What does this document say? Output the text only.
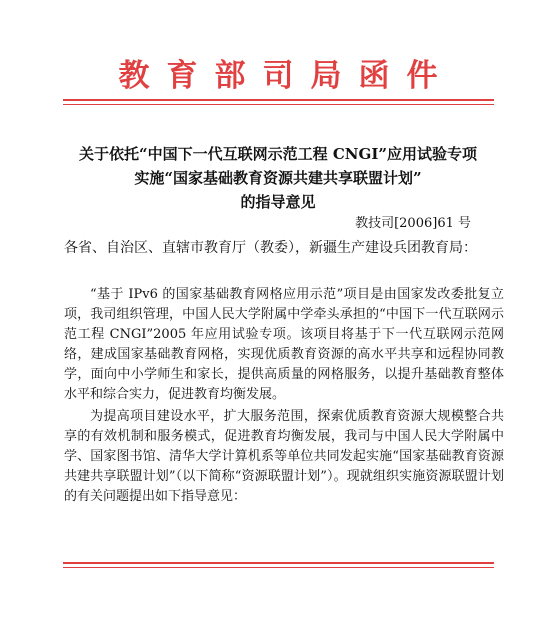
教育部司局函件
关于依托“中国下一代互联网示范工程 CNGI”应用试验专项
实施“国家基础教育资源共建共享联盟计划”
的指导意见
教技司[2006]61 号
各省、自治区、直辖市教育厅（教委），新疆生产建设兵团教育局：
“基于 IPv6 的国家基础教育网格应用示范”项目是由国家发改委批复立项，我司组织管理，中国人民大学附属中学牵头承担的“中国下一代互联网示范工程 CNGI”2005 年应用试验专项。该项目将基于下一代互联网示范网络，建成国家基础教育网格，实现优质教育资源的高水平共享和远程协同教学，面向中小学师生和家长，提供高质量的网格服务，以提升基础教育整体水平和综合实力，促进教育均衡发展。
为提高项目建设水平，扩大服务范围，探索优质教育资源大规模整合共享的有效机制和服务模式，促进教育均衡发展，我司与中国人民大学附属中学、国家图书馆、清华大学计算机系等单位共同发起实施“国家基础教育资源共建共享联盟计划”（以下简称“资源联盟计划”）。现就组织实施资源联盟计划的有关问题提出如下指导意见：
